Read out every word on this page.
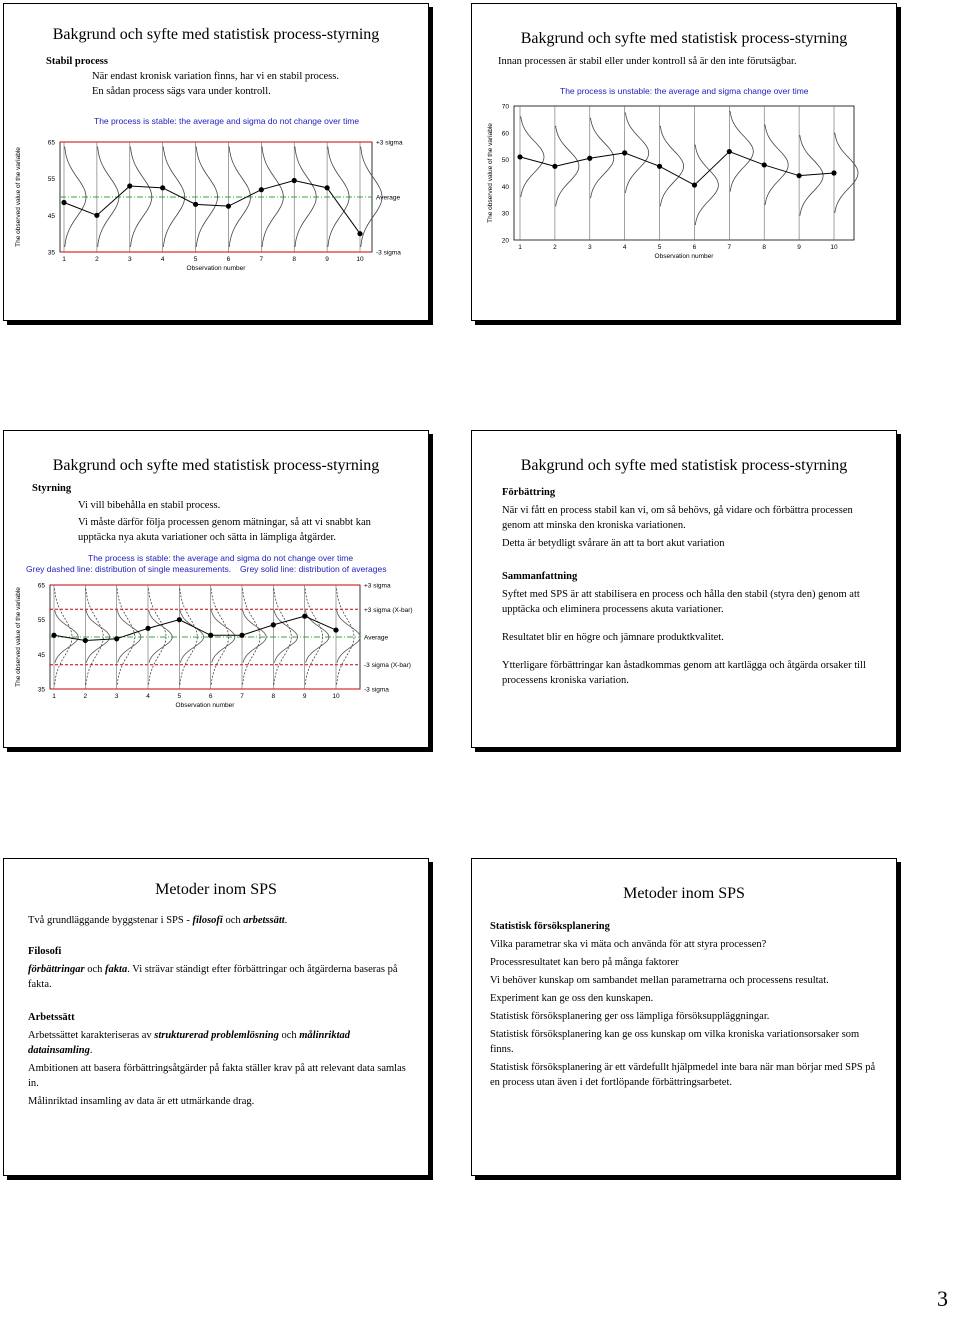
Bakgrund och syfte med statistisk process-styrning

Stabil process

När endast kronisk variation finns, har vi en stabil process.

En sådan process sägs vara under kontroll.

The process is stable: the average and sigma do not change over time
35
45
55
65
1	2	3	4	5	6	7	8	9	10
Observation number
The observed value of the variable
+3 sigma
Average
-3 sigma

Bakgrund och syfte med statistisk process-styrning

Innan processen är stabil eller under kontroll så är den inte förutsägbar.

The process is unstable: the average and sigma change over time
20
30
40
50
60
70
1	2	3	4	5	6	7	8	9	10
Observation number
The observed value of the variable

Bakgrund och syfte med statistisk process-styrning

Styrning

Vi vill bibehålla en stabil process.

Vi måste därför följa processen genom mätningar, så att vi snabbt kan upptäcka nya akuta variationer och sätta in lämpliga åtgärder.

The process is stable: the average and sigma do not change over time
Grey dashed line: distribution of single measurements. Grey solid line: distribution of averages
35
45
55
65
1	2	3	4	5	6	7	8	9	10
Observation number
The observed value of the variable
+3 sigma
+3 sigma (X-bar)
Average
-3 sigma (X-bar)
-3 sigma

Bakgrund och syfte med statistisk process-styrning

Förbättring

När vi fått en process stabil kan vi, om så behövs, gå vidare och förbättra processen genom att minska den kroniska variationen.

Detta är betydligt svårare än att ta bort akut variation

Sammanfattning

Syftet med SPS är att stabilisera en process och hålla den stabil (styra den) genom att upptäcka och eliminera processens akuta variationer.

Resultatet blir en högre och jämnare produktkvalitet.

Ytterligare förbättringar kan åstadkommas genom att kartlägga och åtgärda orsaker till processens kroniska variation.

Metoder inom SPS

Två grundläggande byggstenar i SPS - filosofi och arbetssätt.

Filosofi

förbättringar och fakta. Vi strävar ständigt efter förbättringar och åtgärderna baseras på fakta.

Arbetssätt

Arbetssättet karakteriseras av strukturerad problemlösning och målinriktad datainsamling.

Ambitionen att basera förbättringsåtgärder på fakta ställer krav på att relevant data samlas in.

Målinriktad insamling av data är ett utmärkande drag.

Metoder inom SPS

Statistisk försöksplanering

Vilka parametrar ska vi mäta och använda för att styra processen?

Processresultatet kan bero på många faktorer

Vi behöver kunskap om sambandet mellan parametrarna och processens resultat.

Experiment kan ge oss den kunskapen.

Statistisk försöksplanering ger oss lämpliga försöksuppläggningar.

Statistisk försöksplanering kan ge oss kunskap om vilka kroniska variationsorsaker som finns.

Statistisk försöksplanering är ett värdefullt hjälpmedel inte bara när man börjar med SPS på en process utan även i det fortlöpande förbättringsarbetet.

3
